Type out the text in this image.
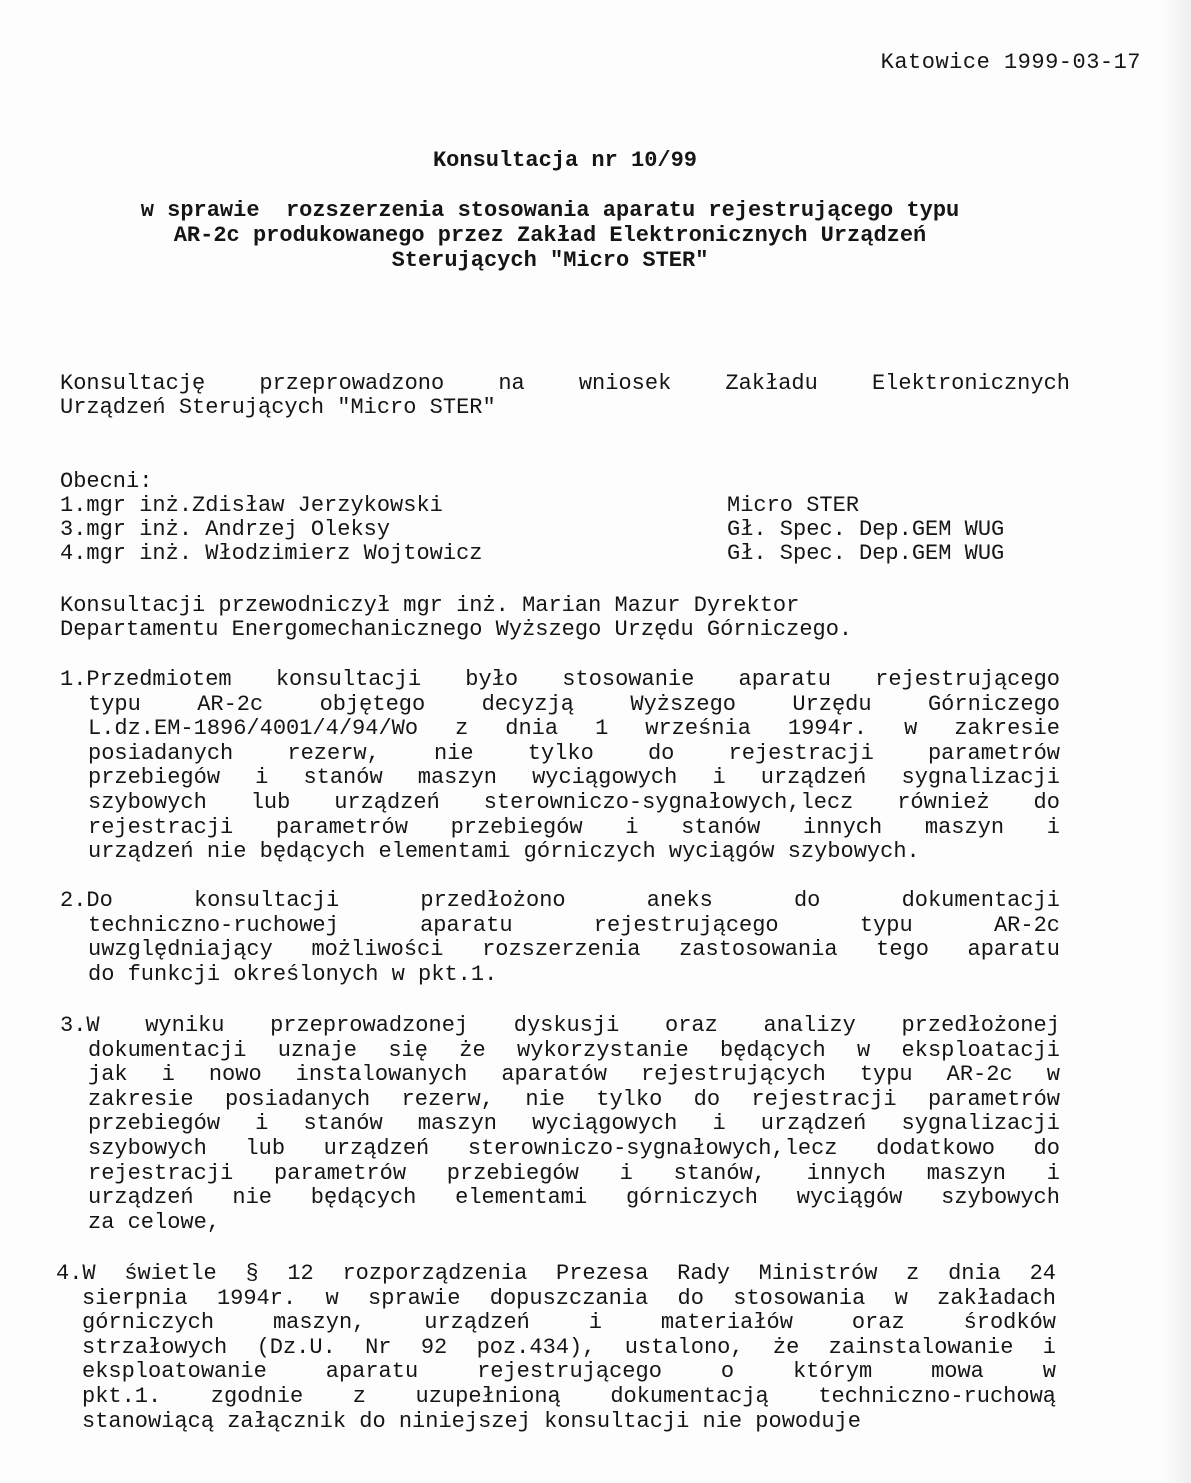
Katowice 1999-03-17
Konsultacja nr 10/99
w sprawie  rozszerzenia stosowania aparatu rejestrującego typu
AR-2c produkowanego przez Zakład Elektronicznych Urządzeń
Sterujących "Micro STER"
Konsultację przeprowadzono na wniosek Zakładu Elektronicznych
Urządzeń Sterujących "Micro STER"
Obecni:
1.mgr inż.Zdisław Jerzykowski	Micro STER
3.mgr inż. Andrzej Oleksy	Gł. Spec. Dep.GEM WUG
4.mgr inż. Włodzimierz Wojtowicz	Gł. Spec. Dep.GEM WUG
Konsultacji przewodniczył mgr inż. Marian Mazur Dyrektor
Departamentu Energomechanicznego Wyższego Urzędu Górniczego.
1.Przedmiotem konsultacji było stosowanie aparatu rejestrującego
typu	AR-2c	objętego	decyzją	Wyższego	Urzędu	Górniczego
L.dz.EM-1896/4001/4/94/Wo z dnia 1 września 1994r. w zakresie
posiadanych rezerw, nie tylko do rejestracji parametrów
przebiegów i stanów maszyn wyciągowych i urządzeń sygnalizacji
szybowych lub urządzeń sterowniczo-sygnałowych,lecz również do
rejestracji parametrów przebiegów i stanów innych maszyn i
urządzeń nie będących elementami górniczych wyciągów szybowych.
2.Do	konsultacji	przedłożono	aneks	do	dokumentacji
techniczno-ruchowej	aparatu	rejestrującego	typu	AR-2c
uwzględniający możliwości rozszerzenia zastosowania tego aparatu
do funkcji określonych w pkt.1.
3.W wyniku przeprowadzonej dyskusji oraz analizy przedłożonej
dokumentacji uznaje się że wykorzystanie będących w eksploatacji
jak i nowo instalowanych aparatów rejestrujących typu AR-2c w
zakresie posiadanych rezerw, nie tylko do rejestracji parametrów
przebiegów i stanów maszyn wyciągowych i urządzeń sygnalizacji
szybowych lub urządzeń sterowniczo-sygnałowych,lecz dodatkowo do
rejestracji parametrów przebiegów i stanów, innych maszyn i
urządzeń nie będących elementami górniczych wyciągów szybowych
za celowe,
4.W świetle § 12 rozporządzenia Prezesa Rady Ministrów z dnia 24
sierpnia 1994r. w sprawie dopuszczania do stosowania w zakładach
górniczych	maszyn,	urządzeń	i	materiałów	oraz	środków
strzałowych (Dz.U. Nr 92 poz.434), ustalono, że zainstalowanie i
eksploatowanie	aparatu	rejestrującego	o	którym	mowa	w
pkt.1. zgodnie z uzupełnioną dokumentacją techniczno-ruchową
stanowiącą załącznik do niniejszej konsultacji nie powoduje
